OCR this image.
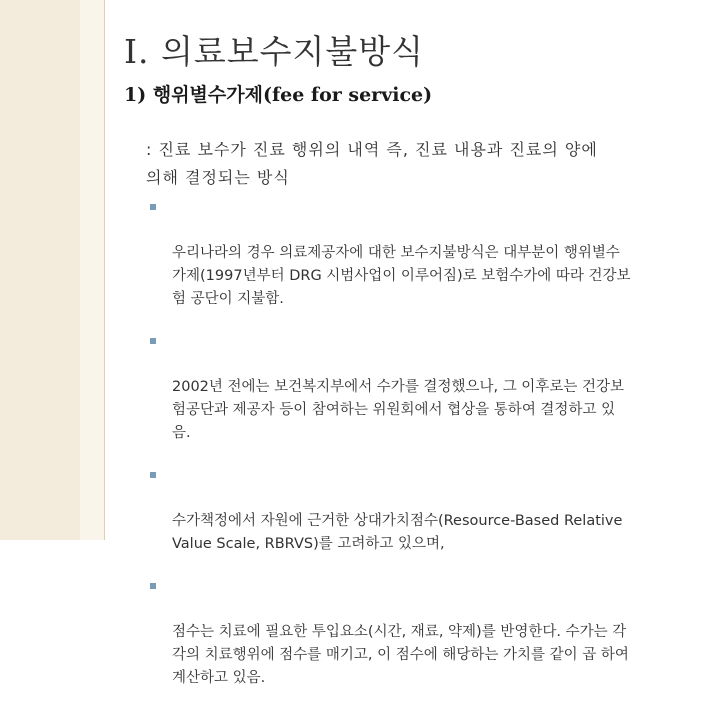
Ⅰ. 의료보수지불방식
1) 행위별수가제(fee for service)
: 진료 보수가 진료 행위의 내역 즉, 진료 내용과 진료의 양에
의해 결정되는 방식

우리나라의 경우 의료제공자에 대한 보수지불방식은 대부분이 행위별수
가제(1997년부터 DRG 시범사업이 이루어짐)로 보험수가에 따라 건강보
험 공단이 지불함.

2002년 전에는 보건복지부에서 수가를 결정했으나, 그 이후로는 건강보
험공단과 제공자 등이 참여하는 위원회에서 협상을 통하여 결정하고 있
음.

수가책정에서 자원에 근거한 상대가치점수(Resource-Based Relative
Value Scale, RBRVS)를 고려하고 있으며,

점수는 치료에 필요한 투입요소(시간, 재료, 약제)를 반영한다. 수가는 각
각의 치료행위에 점수를 매기고, 이 점수에 해당하는 가치를 같이 곱 하여
계산하고 있음.
